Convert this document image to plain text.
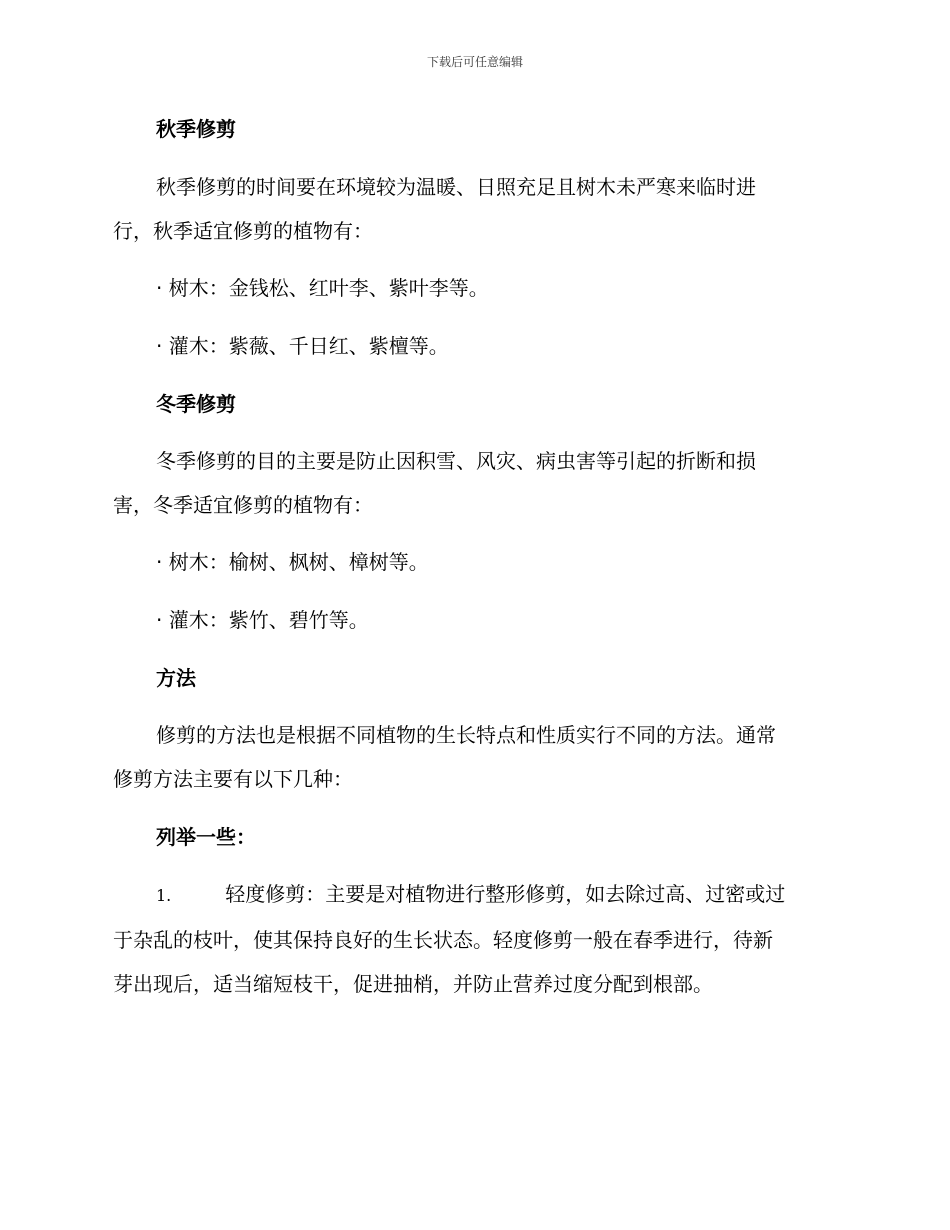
下载后可任意编辑
秋季修剪
秋季修剪的时间要在环境较为温暖、日照充足且树木未严寒来临时进
行，秋季适宜修剪的植物有：
· 树木：金钱松、红叶李、紫叶李等。
· 灌木：紫薇、千日红、紫檀等。
冬季修剪
冬季修剪的目的主要是防止因积雪、风灾、病虫害等引起的折断和损
害，冬季适宜修剪的植物有：
· 树木：榆树、枫树、樟树等。
· 灌木：紫竹、碧竹等。
方法
修剪的方法也是根据不同植物的生长特点和性质实行不同的方法。通常
修剪方法主要有以下几种：
列举一些：
1.	轻度修剪：主要是对植物进行整形修剪，如去除过高、过密或过
于杂乱的枝叶，使其保持良好的生长状态。轻度修剪一般在春季进行，待新
芽出现后，适当缩短枝干，促进抽梢，并防止营养过度分配到根部。
